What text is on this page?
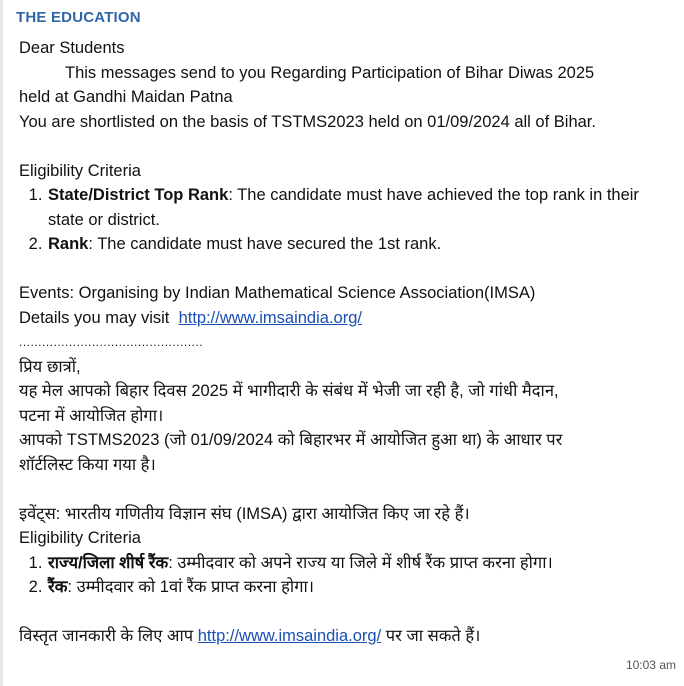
THE EDUCATION
Dear Students
This messages send to you Regarding Participation of Bihar Diwas 2025
held at Gandhi Maidan Patna
You are shortlisted on the basis of TSTMS2023 held on 01/09/2024 all of Bihar.
Eligibility Criteria
1. State/District Top Rank: The candidate must have achieved the top rank in their state or district.
2. Rank: The candidate must have secured the 1st rank.
Events: Organising by Indian Mathematical Science Association(IMSA)
Details you may visit http://www.imsaindia.org/
................................................
प्रिय छात्रों,
यह मेल आपको बिहार दिवस 2025 में भागीदारी के संबंध में भेजी जा रही है, जो गांधी मैदान,
पटना में आयोजित होगा।
आपको TSTMS2023 (जो 01/09/2024 को बिहारभर में आयोजित हुआ था) के आधार पर
शॉर्टलिस्ट किया गया है।
इवेंट्स: भारतीय गणितीय विज्ञान संघ (IMSA) द्वारा आयोजित किए जा रहे हैं।
Eligibility Criteria
1. राज्य/जिला शीर्ष रैंक: उम्मीदवार को अपने राज्य या जिले में शीर्ष रैंक प्राप्त करना होगा।
2. रैंक: उम्मीदवार को 1वां रैंक प्राप्त करना होगा।
विस्तृत जानकारी के लिए आप http://www.imsaindia.org/ पर जा सकते हैं।
10:03 am
